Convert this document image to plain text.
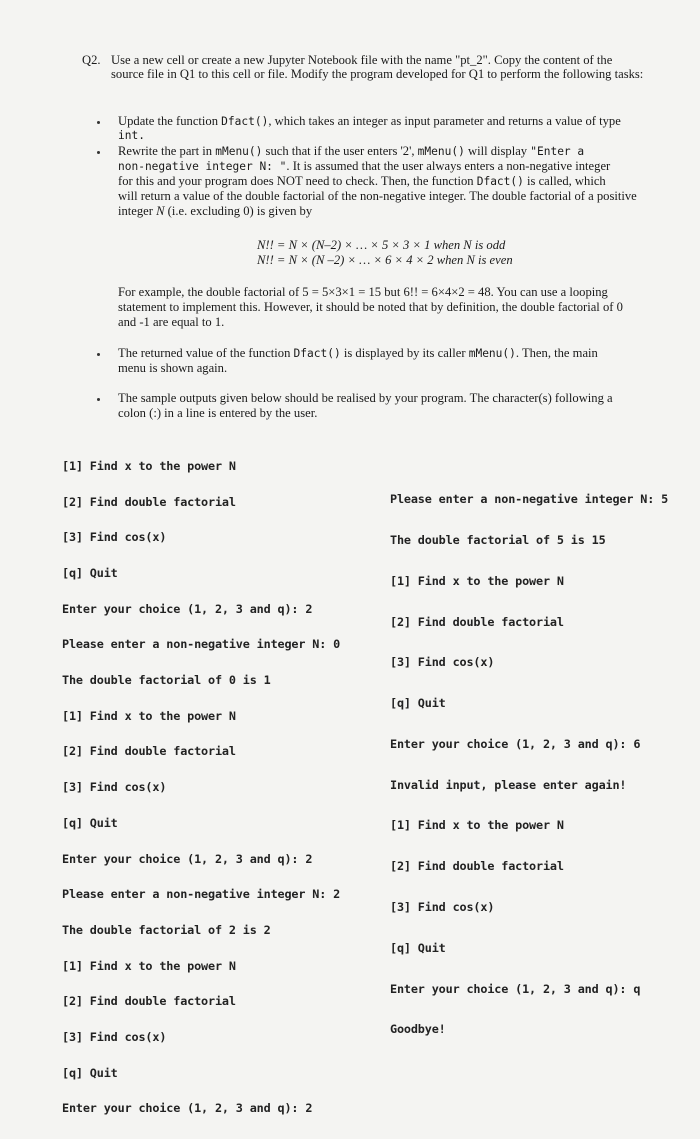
Q2. Use a new cell or create a new Jupyter Notebook file with the name "pt_2". Copy the content of the source file in Q1 to this cell or file. Modify the program developed for Q1 to perform the following tasks:
Update the function Dfact(), which takes an integer as input parameter and returns a value of type
int.
Rewrite the part in mMenu() such that if the user enters '2', mMenu() will display "Enter a
non-negative integer N: ". It is assumed that the user always enters a non-negative integer
for this and your program does NOT need to check. Then, the function Dfact() is called, which
will return a value of the double factorial of the non-negative integer. The double factorial of a positive
integer N (i.e. excluding 0) is given by
N!! = N × (N–2) × … × 5 × 3 × 1 when N is odd
N!! = N × (N –2) × … × 6 × 4 × 2 when N is even
For example, the double factorial of 5 = 5×3×1 = 15 but 6!! = 6×4×2 = 48. You can use a looping
statement to implement this. However, it should be noted that by definition, the double factorial of 0
and -1 are equal to 1.
The returned value of the function Dfact() is displayed by its caller mMenu(). Then, the main
menu is shown again.
The sample outputs given below should be realised by your program. The character(s) following a
colon (:) in a line is entered by the user.

[1] Find x to the power N

[2] Find double factorial

[3] Find cos(x)

[q] Quit

Enter your choice (1, 2, 3 and q): 2

Please enter a non-negative integer N: 0

The double factorial of 0 is 1

[1] Find x to the power N

[2] Find double factorial

[3] Find cos(x)

[q] Quit

Enter your choice (1, 2, 3 and q): 2

Please enter a non-negative integer N: 2

The double factorial of 2 is 2

[1] Find x to the power N

[2] Find double factorial

[3] Find cos(x)

[q] Quit

Enter your choice (1, 2, 3 and q): 2

Please enter a non-negative integer N: 5

The double factorial of 5 is 15

[1] Find x to the power N

[2] Find double factorial

[3] Find cos(x)

[q] Quit

Enter your choice (1, 2, 3 and q): 6

Invalid input, please enter again!

[1] Find x to the power N

[2] Find double factorial

[3] Find cos(x)

[q] Quit

Enter your choice (1, 2, 3 and q): q

Goodbye!
